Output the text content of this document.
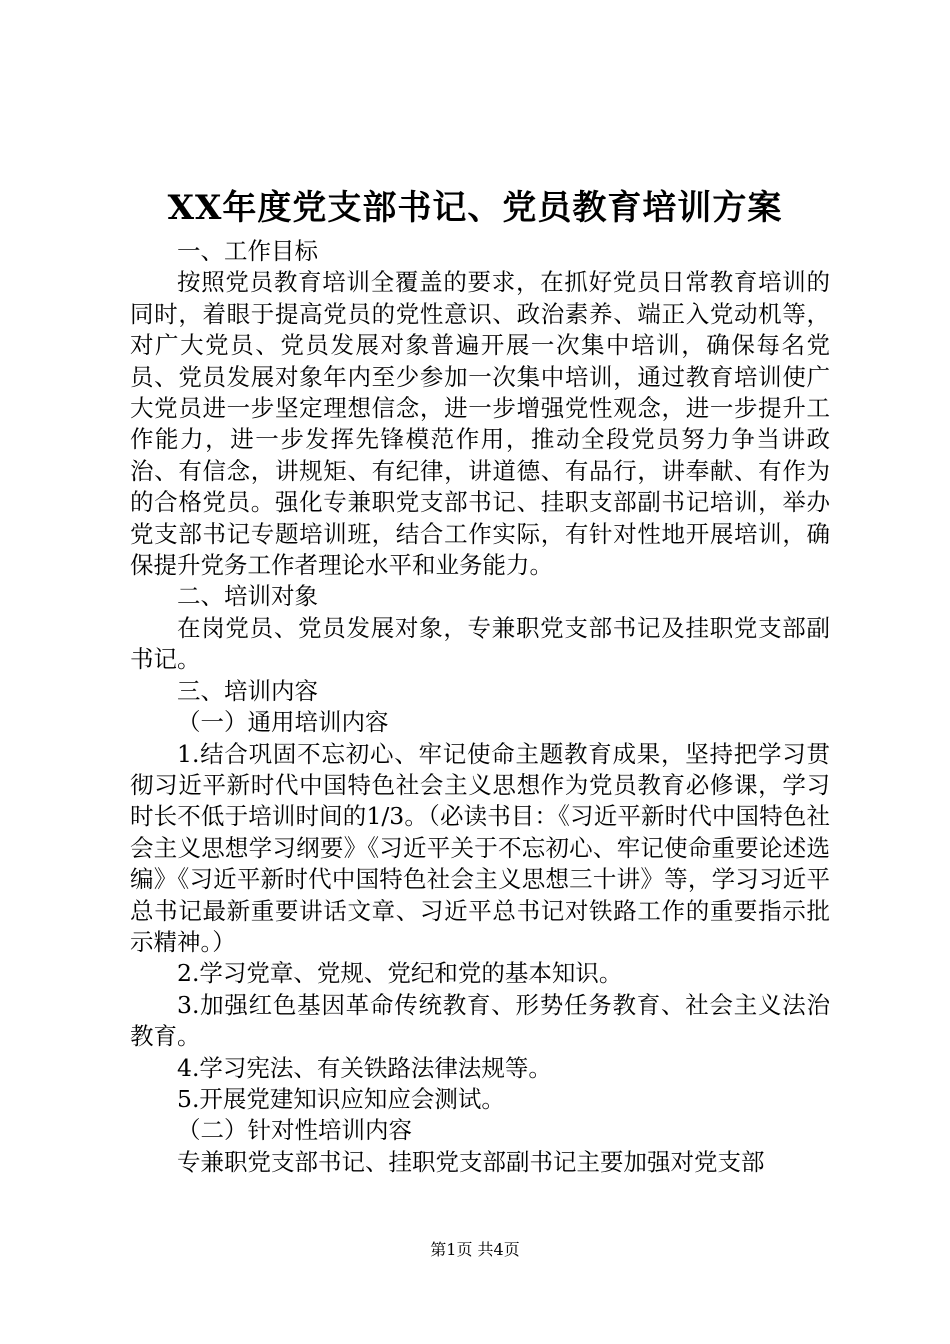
XX年度党支部书记、党员教育培训方案

一、工作目标

按照党员教育培训全覆盖的要求，在抓好党员日常教育培训的同时，着眼于提高党员的党性意识、政治素养、端正入党动机等，对广大党员、党员发展对象普遍开展一次集中培训，确保每名党员、党员发展对象年内至少参加一次集中培训，通过教育培训使广大党员进一步坚定理想信念，进一步增强党性观念，进一步提升工作能力，进一步发挥先锋模范作用，推动全段党员努力争当讲政治、有信念，讲规矩、有纪律，讲道德、有品行，讲奉献、有作为的合格党员。强化专兼职党支部书记、挂职支部副书记培训，举办党支部书记专题培训班，结合工作实际，有针对性地开展培训，确保提升党务工作者理论水平和业务能力。

二、培训对象

在岗党员、党员发展对象，专兼职党支部书记及挂职党支部副书记。

三、培训内容

（一）通用培训内容

1.结合巩固不忘初心、牢记使命主题教育成果，坚持把学习贯彻习近平新时代中国特色社会主义思想作为党员教育必修课，学习时长不低于培训时间的1/3。（必读书目：《习近平新时代中国特色社会主义思想学习纲要》《习近平关于不忘初心、牢记使命重要论述选编》《习近平新时代中国特色社会主义思想三十讲》等，学习习近平总书记最新重要讲话文章、习近平总书记对铁路工作的重要指示批示精神。）

2.学习党章、党规、党纪和党的基本知识。

3.加强红色基因革命传统教育、形势任务教育、社会主义法治教育。

4.学习宪法、有关铁路法律法规等。

5.开展党建知识应知应会测试。

（二）针对性培训内容

专兼职党支部书记、挂职党支部副书记主要加强对党支部

第1页 共4页
